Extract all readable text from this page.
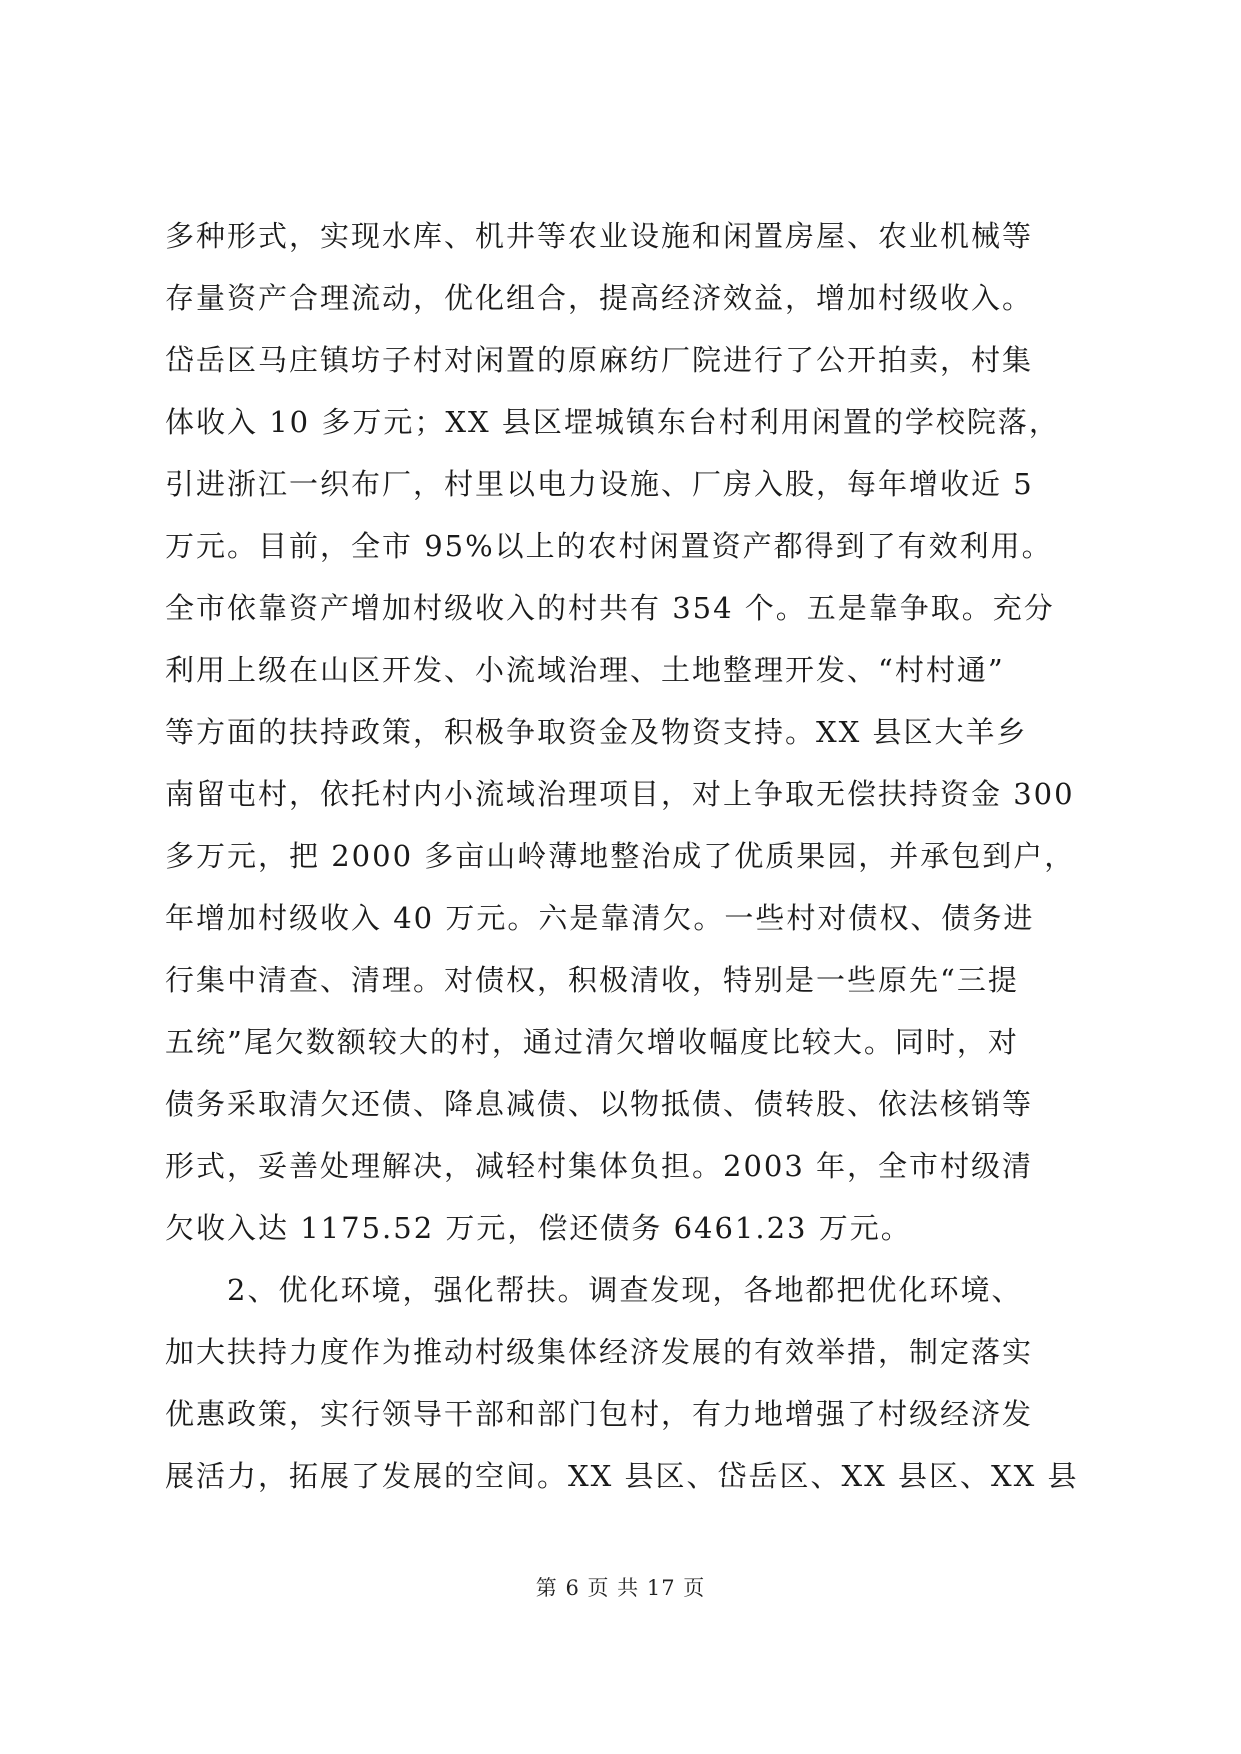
多种形式，实现水库、机井等农业设施和闲置房屋、农业机械等
存量资产合理流动，优化组合，提高经济效益，增加村级收入。
岱岳区马庄镇坊子村对闲置的原麻纺厂院进行了公开拍卖，村集
体收入 10 多万元；XX 县区堽城镇东台村利用闲置的学校院落，
引进浙江一织布厂，村里以电力设施、厂房入股，每年增收近 5
万元。目前，全市 95%以上的农村闲置资产都得到了有效利用。
全市依靠资产增加村级收入的村共有 354 个。五是靠争取。充分
利用上级在山区开发、小流域治理、土地整理开发、“村村通”
等方面的扶持政策，积极争取资金及物资支持。XX 县区大羊乡
南留屯村，依托村内小流域治理项目，对上争取无偿扶持资金 300
多万元，把 2000 多亩山岭薄地整治成了优质果园，并承包到户，
年增加村级收入 40 万元。六是靠清欠。一些村对债权、债务进
行集中清查、清理。对债权，积极清收，特别是一些原先“三提
五统”尾欠数额较大的村，通过清欠增收幅度比较大。同时，对
债务采取清欠还债、降息减债、以物抵债、债转股、依法核销等
形式，妥善处理解决，减轻村集体负担。2003 年，全市村级清
欠收入达 1175.52 万元，偿还债务 6461.23 万元。
　　2、优化环境，强化帮扶。调查发现，各地都把优化环境、
加大扶持力度作为推动村级集体经济发展的有效举措，制定落实
优惠政策，实行领导干部和部门包村，有力地增强了村级经济发
展活力，拓展了发展的空间。XX 县区、岱岳区、XX 县区、XX 县
第 6 页 共 17 页
